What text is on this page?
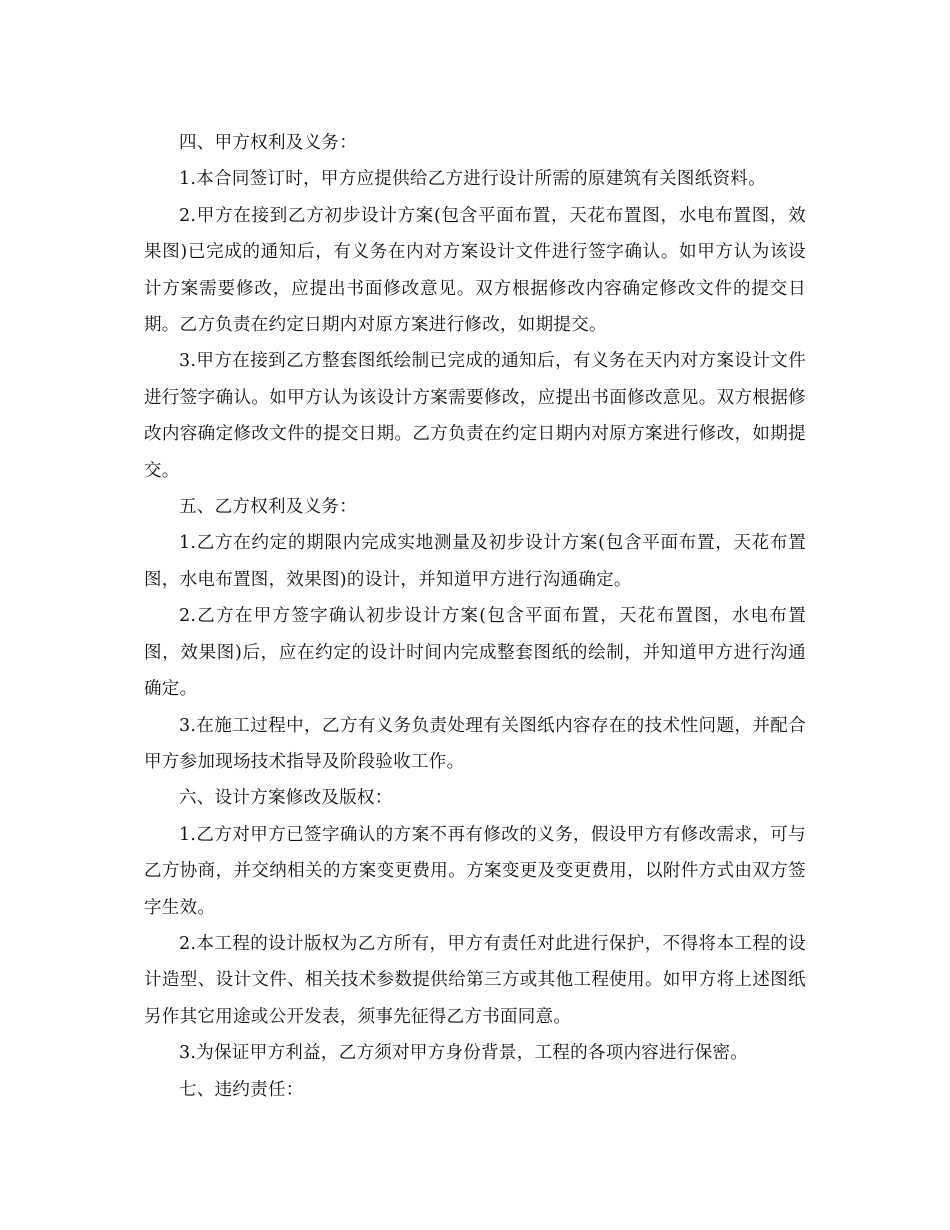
四、甲方权利及义务：

1.本合同签订时，甲方应提供给乙方进行设计所需的原建筑有关图纸资料。

2.甲方在接到乙方初步设计方案(包含平面布置，天花布置图，水电布置图，效果图)已完成的通知后，有义务在内对方案设计文件进行签字确认。如甲方认为该设计方案需要修改，应提出书面修改意见。双方根据修改内容确定修改文件的提交日期。乙方负责在约定日期内对原方案进行修改，如期提交。

3.甲方在接到乙方整套图纸绘制已完成的通知后，有义务在天内对方案设计文件进行签字确认。如甲方认为该设计方案需要修改，应提出书面修改意见。双方根据修改内容确定修改文件的提交日期。乙方负责在约定日期内对原方案进行修改，如期提交。

五、乙方权利及义务：

1.乙方在约定的期限内完成实地测量及初步设计方案(包含平面布置，天花布置图，水电布置图，效果图)的设计，并知道甲方进行沟通确定。

2.乙方在甲方签字确认初步设计方案(包含平面布置，天花布置图，水电布置图，效果图)后，应在约定的设计时间内完成整套图纸的绘制，并知道甲方进行沟通确定。

3.在施工过程中，乙方有义务负责处理有关图纸内容存在的技术性问题，并配合甲方参加现场技术指导及阶段验收工作。

六、设计方案修改及版权：

1.乙方对甲方已签字确认的方案不再有修改的义务，假设甲方有修改需求，可与乙方协商，并交纳相关的方案变更费用。方案变更及变更费用，以附件方式由双方签字生效。

2.本工程的设计版权为乙方所有，甲方有责任对此进行保护，不得将本工程的设计造型、设计文件、相关技术参数提供给第三方或其他工程使用。如甲方将上述图纸另作其它用途或公开发表，须事先征得乙方书面同意。

3.为保证甲方利益，乙方须对甲方身份背景，工程的各项内容进行保密。

七、违约责任：
